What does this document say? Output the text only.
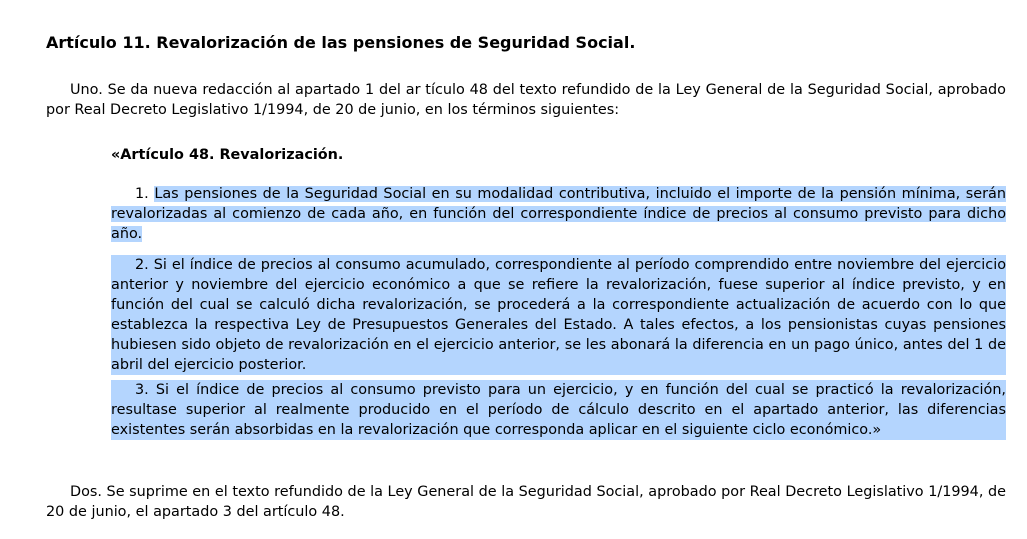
Artículo 11. Revalorización de las pensiones de Seguridad Social.

Uno. Se da nueva redacción al apartado 1 del ar tículo 48 del texto refundido de la Ley General de la Seguridad Social, aprobado por Real Decreto Legislativo 1/1994, de 20 de junio, en los términos siguientes:

«Artículo 48. Revalorización.

1. Las pensiones de la Seguridad Social en su modalidad contributiva, incluido el importe de la pensión mínima, serán revalorizadas al comienzo de cada año, en función del correspondiente índice de precios al consumo previsto para dicho año.

2. Si el índice de precios al consumo acumulado, correspondiente al período comprendido entre noviembre del ejercicio anterior y noviembre del ejercicio económico a que se refiere la revalorización, fuese superior al índice previsto, y en función del cual se calculó dicha revalorización, se procederá a la correspondiente actualización de acuerdo con lo que establezca la respectiva Ley de Presupuestos Generales del Estado. A tales efectos, a los pensionistas cuyas pensiones hubiesen sido objeto de revalorización en el ejercicio anterior, se les abonará la diferencia en un pago único, antes del 1 de abril del ejercicio posterior.

3. Si el índice de precios al consumo previsto para un ejercicio, y en función del cual se practicó la revalorización, resultase superior al realmente producido en el período de cálculo descrito en el apartado anterior, las diferencias existentes serán absorbidas en la revalorización que corresponda aplicar en el siguiente ciclo económico.»

Dos. Se suprime en el texto refundido de la Ley General de la Seguridad Social, aprobado por Real Decreto Legislativo 1/1994, de 20 de junio, el apartado 3 del artículo 48.
